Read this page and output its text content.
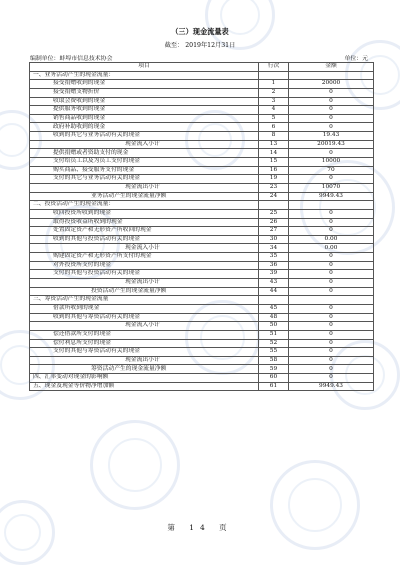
（三）现金流量表
截至： 2019年12月31日
编制单位：蚌埠市信息技术协会	单位：元
项目	行次	金额
一、业务活动产生的现金流量：		
接受捐赠收到的现金	1	20000
接受捐赠支物折价	2	0
收取会费收到的现金	3	0
提供服务收到的现金	4	0
销售商品收到的现金	5	0
政府补助收到的现金	6	0
收到的其它与业务活动有关的现金	8	19.43
现金流入小计	13	20019.43
提供捐赠或者资助支付的现金	14	0
支付给员工以及为员工支付的现金	15	10000
购买商品、接受服务支付的现金	16	70
支付的其它与业务活动有关的现金	19	0
现金流出小计	23	10070
业务活动产生的现金流量净额	24	9949.43
二、投资活动产生的现金流量：		
收回投资所收到的现金	25	0
取得投资收益所收到的现金	26	0
处置固定资产和无形资产所收回的现金	27	0
收到的其他与投资活动有关的现金	30	0.00
现金流入小计	34	0.00
购建固定资产和无形资产所支付的现金	35	0
对外投资所支付的现金	36	0
支付的其他与投资活动有关的现金	39	0
现金流出小计	43	0
投资活动产生的现金流量净额	44	0
三、筹资活动产生的现金流量		
借款所收到的现金	45	0
收到的其他与筹资活动有关的现金	48	0
现金流入小计	50	0
偿还借款所支付的现金	51	0
偿付利息所支付的现金	52	0
支付的其他与筹资活动有关的现金	55	0
现金流出小计	58	0
筹资活动产生的现金流量净额	59	0
四、汇率变动对现金的影响额	60	0
五、现金及现金等价物净增加额	61	9949.43
第 14 页
